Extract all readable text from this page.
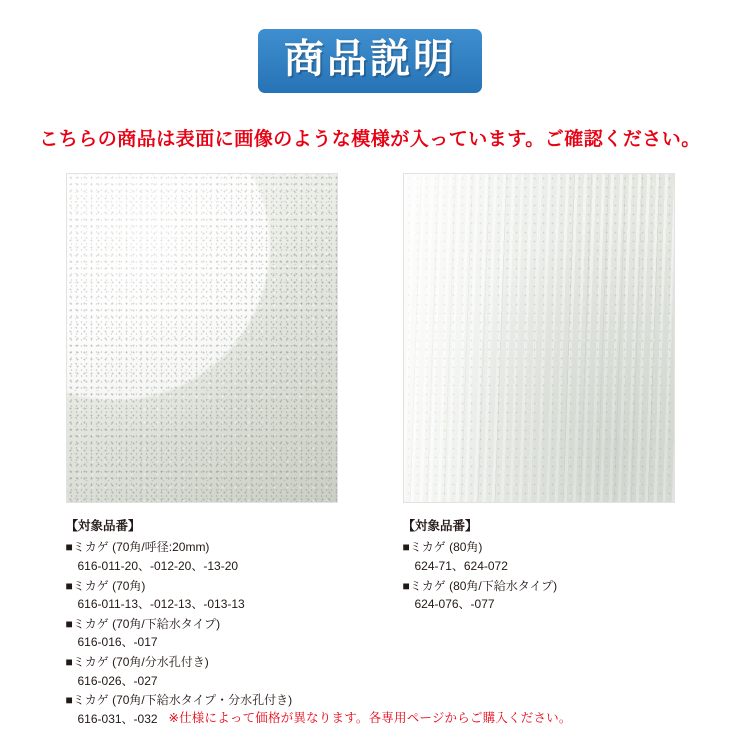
商品説明
こちらの商品は表面に画像のような模様が入っています。ご確認ください。
【対象品番】
■ミカゲ (70角/呼径:20mm)
616-011-20、-012-20、-13-20
■ミカゲ (70角)
616-011-13、-012-13、-013-13
■ミカゲ (70角/下給水タイプ)
616-016、-017
■ミカゲ (70角/分水孔付き)
616-026、-027
■ミカゲ (70角/下給水タイプ・分水孔付き)
616-031、-032
【対象品番】
■ミカゲ (80角)
624-71、624-072
■ミカゲ (80角/下給水タイプ)
624-076、-077
※仕様によって価格が異なります。各専用ページからご購入ください。
